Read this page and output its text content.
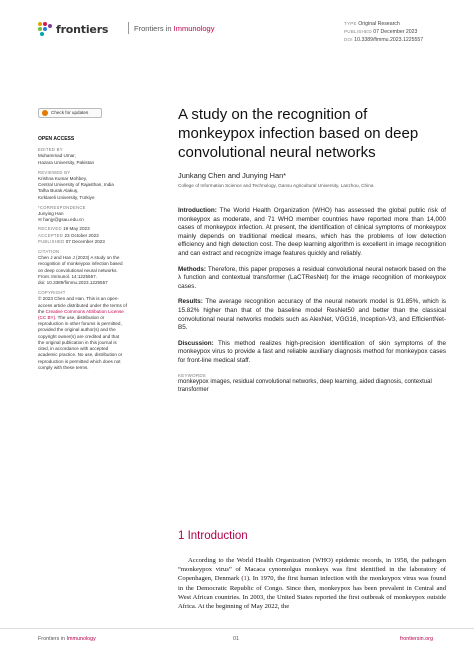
frontiers	Frontiers in Immunology
TYPE Original Research
PUBLISHED 07 December 2023
DOI 10.3389/fimmu.2023.1225557
Check for updates
OPEN ACCESS
EDITED BY
Muhammad Umar,
Hazara University, Pakistan
REVIEWED BY
Krishna Kumar Mohbey,
Central University of Rajasthan, India
Talha Burak Alakuş,
Kırklareli University, Türkiye
*CORRESPONDENCE
Junying Han
✉ hanjy@gsau.edu.cn
RECEIVED 19 May 2023
ACCEPTED 23 October 2023
PUBLISHED 07 December 2023
CITATION
Chen J and Han J (2023) A study on the
recognition of monkeypox infection based
on deep convolutional neural networks.
Front. Immunol. 14:1225557.
doi: 10.3389/fimmu.2023.1225557
COPYRIGHT
© 2023 Chen and Han. This is an open-
access article distributed under the terms of
the Creative Commons Attribution License
(CC BY). The use, distribution or
reproduction in other forums is permitted,
provided the original author(s) and the
copyright owner(s) are credited and that
the original publication in this journal is
cited, in accordance with accepted
academic practice. No use, distribution or
reproduction is permitted which does not
comply with these terms.
A study on the recognition of monkeypox infection based on deep convolutional neural networks
Junkang Chen and Junying Han*
College of Information Science and Technology, Gansu Agricultural University, Lanzhou, China

Introduction: The World Health Organization (WHO) has assessed the global public risk of monkeypox as moderate, and 71 WHO member countries have reported more than 14,000 cases of monkeypox infection. At present, the identification of clinical symptoms of monkeypox mainly depends on traditional medical means, which has the problems of low detection efficiency and high detection cost. The deep learning algorithm is excellent in image recognition and can extract and recognize image features quickly and reliably.

Methods: Therefore, this paper proposes a residual convolutional neural network based on the λ function and contextual transformer (LaCTResNet) for the image recognition of monkeypox cases.

Results: The average recognition accuracy of the neural network model is 91.85%, which is 15.82% higher than that of the baseline model ResNet50 and better than the classical convolutional neural networks models such as AlexNet, VGG16, Inception-V3, and EfficientNet-B5.

Discussion: This method realizes high-precision identification of skin symptoms of the monkeypox virus to provide a fast and reliable auxiliary diagnosis method for monkeypox cases for front-line medical staff.

KEYWORDS
monkeypox images, residual convolutional networks, deep learning, aided diagnosis, contextual transformer
1 Introduction
According to the World Health Organization (WHO) epidemic records, in 1958, the pathogen “monkeypox virus” of Macaca cynomolgus monkeys was first identified in the laboratory of Copenhagen, Denmark (1). In 1970, the first human infection with the monkeypox virus was found in the Democratic Republic of Congo. Since then, monkeypox has been prevalent in Central and West African countries. In 2003, the United States reported the first outbreak of monkeypox outside Africa. At the beginning of May 2022, the
Frontiers in Immunology	01	frontiersin.org
